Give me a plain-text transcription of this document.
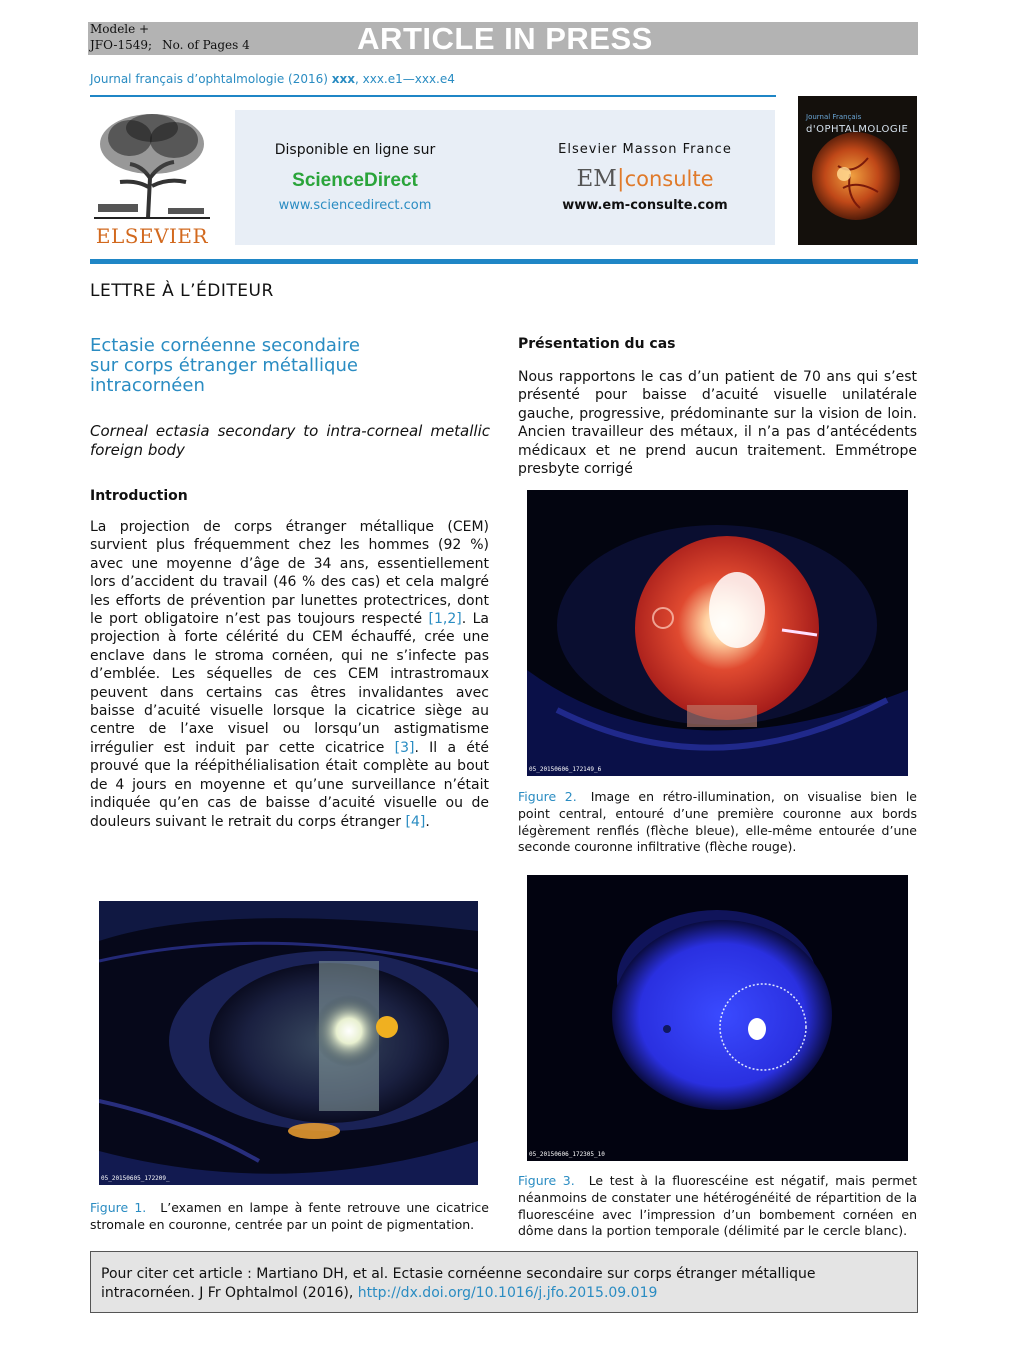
Modele +
JFO-1549; No. of Pages 4	ARTICLE IN PRESS
Journal français d’ophtalmologie (2016) xxx, xxx.e1—xxx.e4
ELSEVIER
Disponible en ligne sur
ScienceDirect
www.sciencedirect.com
Elsevier Masson France
EM|consulte
www.em-consulte.com
Journal Français
d'OPHTALMOLOGIE
LETTRE À L’ÉDITEUR
Ectasie cornéenne secondaire
sur corps étranger métallique
intracornéen
Corneal ectasia secondary to intra-corneal metallic foreign body
Introduction
La projection de corps étranger métallique (CEM) survient plus fréquemment chez les hommes (92 %) avec une moyenne d’âge de 34 ans, essentiellement lors d’accident du travail (46 % des cas) et cela malgré les efforts de prévention par lunettes protectrices, dont le port obligatoire n’est pas toujours respecté [1,2]. La projection à forte célérité du CEM échauffé, crée une enclave dans le stroma cornéen, qui ne s’infecte pas d’emblée. Les séquelles de ces CEM intrastromaux peuvent dans certains cas êtres invalidantes avec baisse d’acuité visuelle lorsque la cicatrice siège au centre de l’axe visuel ou lorsqu’un astigmatisme irrégulier est induit par cette cicatrice [3]. Il a été prouvé que la réépithélialisation était complète au bout de 4 jours en moyenne et qu’une surveillance n’était indiquée qu’en cas de baisse d’acuité visuelle ou de douleurs suivant le retrait du corps étranger [4].
05_20150605_172209_
Figure 1. L’examen en lampe à fente retrouve une cicatrice stromale en couronne, centrée par un point de pigmentation.
Présentation du cas
Nous rapportons le cas d’un patient de 70 ans qui s’est présenté pour baisse d’acuité visuelle unilatérale gauche, progressive, prédominante sur la vision de loin. Ancien travailleur des métaux, il n’a pas d’antécédents médicaux et ne prend aucun traitement. Emmétrope presbyte corrigé
05_20150606_172149_6
Figure 2. Image en rétro-illumination, on visualise bien le point central, entouré d’une première couronne aux bords légèrement renflés (flèche bleue), elle-même entourée d’une seconde couronne infiltrative (flèche rouge).
05_20150606_172305_10
Figure 3. Le test à la fluorescéine est négatif, mais permet néanmoins de constater une hétérogénéité de répartition de la fluorescéine avec l’impression d’un bombement cornéen en dôme dans la portion temporale (délimité par le cercle blanc).
Pour citer cet article : Martiano DH, et al. Ectasie cornéenne secondaire sur corps étranger métallique intracornéen. J Fr Ophtalmol (2016), http://dx.doi.org/10.1016/j.jfo.2015.09.019
